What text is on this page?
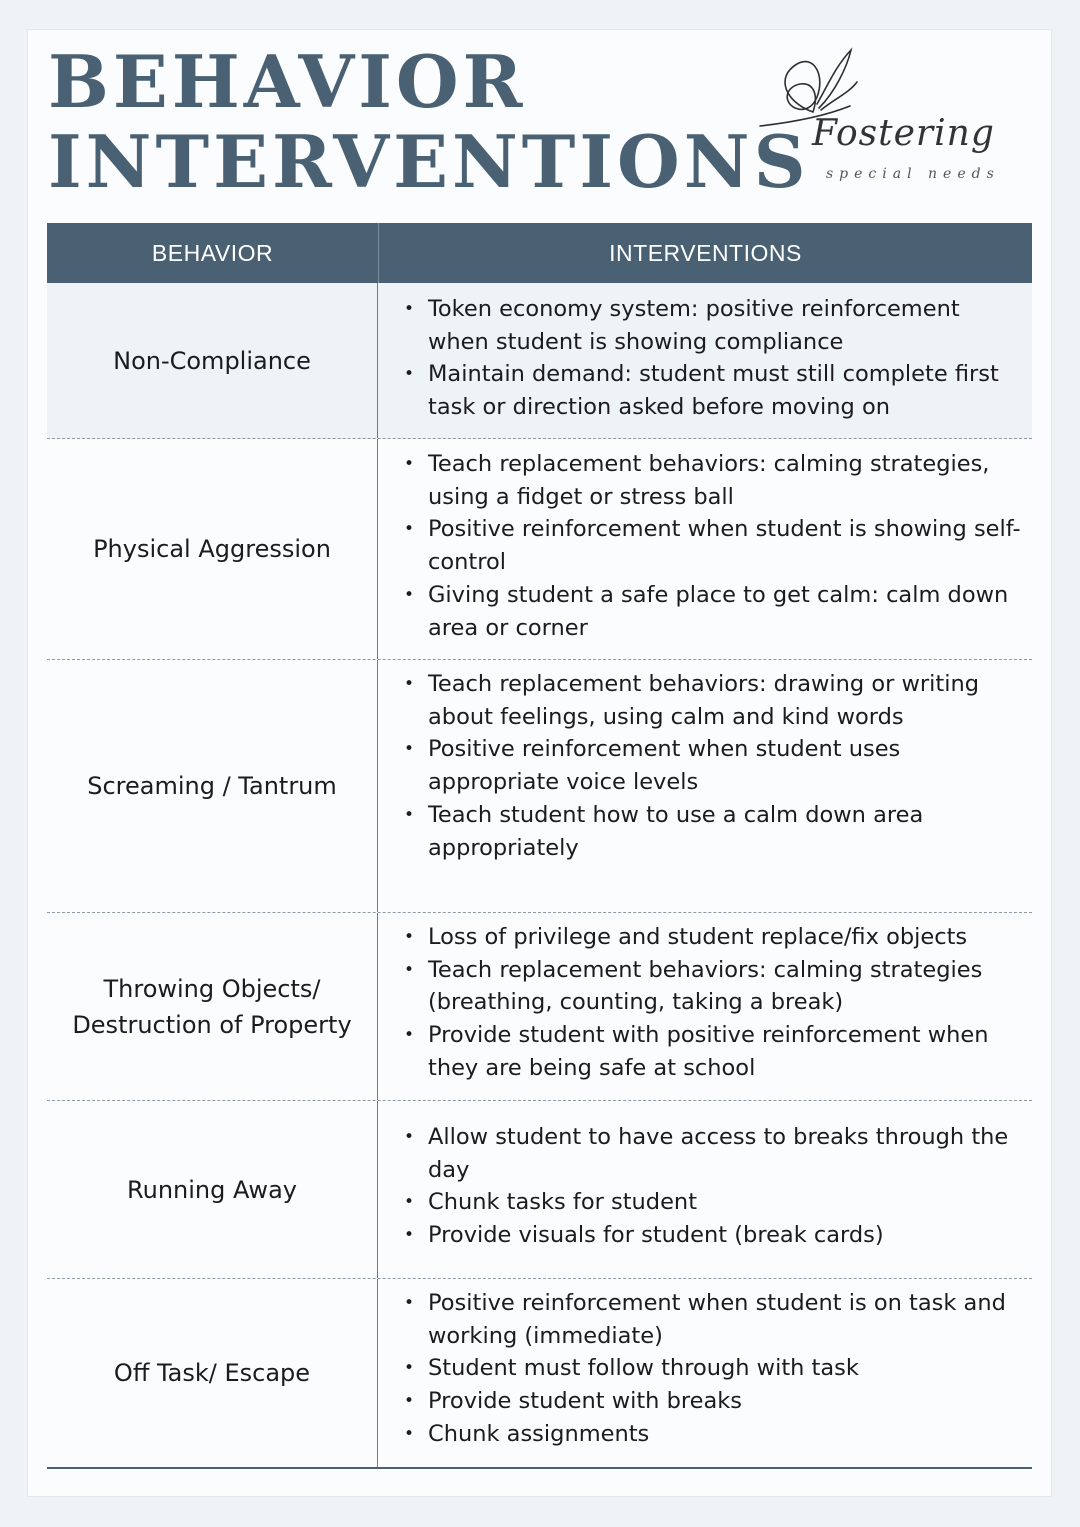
BEHAVIOR
INTERVENTIONS Fostering
special needs
BEHAVIOR	INTERVENTIONS
Non-Compliance
• Token economy system: positive reinforcement when student is showing compliance
• Maintain demand: student must still complete first task or direction asked before moving on
Physical Aggression
• Teach replacement behaviors: calming strategies, using a fidget or stress ball
• Positive reinforcement when student is showing self-control
• Giving student a safe place to get calm: calm down area or corner
Screaming / Tantrum
• Teach replacement behaviors: drawing or writing about feelings, using calm and kind words
• Positive reinforcement when student uses appropriate voice levels
• Teach student how to use a calm down area appropriately
Throwing Objects/ Destruction of Property
• Loss of privilege and student replace/fix objects
• Teach replacement behaviors: calming strategies (breathing, counting, taking a break)
• Provide student with positive reinforcement when they are being safe at school
Running Away
• Allow student to have access to breaks through the day
• Chunk tasks for student
• Provide visuals for student (break cards)
Off Task/ Escape
• Positive reinforcement when student is on task and working (immediate)
• Student must follow through with task
• Provide student with breaks
• Chunk assignments
